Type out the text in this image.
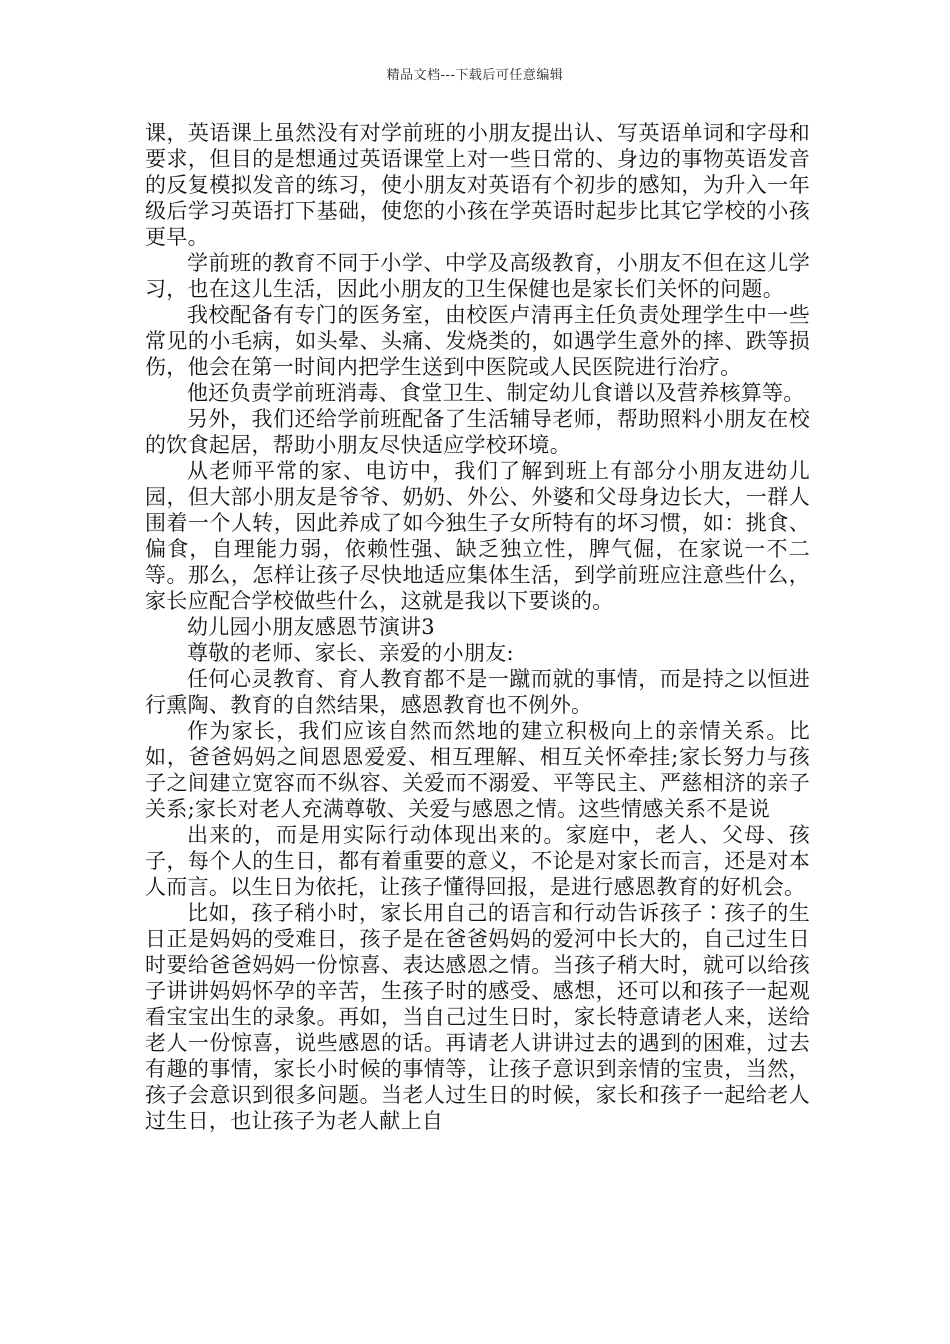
精品文档---下载后可任意编辑

课，英语课上虽然没有对学前班的小朋友提出认、写英语单词和字母和要求，但目的是想通过英语课堂上对一些日常的、身边的事物英语发音的反复模拟发音的练习，使小朋友对英语有个初步的感知，为升入一年级后学习英语打下基础，使您的小孩在学英语时起步比其它学校的小孩更早。

学前班的教育不同于小学、中学及高级教育，小朋友不但在这儿学习，也在这儿生活，因此小朋友的卫生保健也是家长们关怀的问题。

我校配备有专门的医务室，由校医卢清再主任负责处理学生中一些常见的小毛病，如头晕、头痛、发烧类的，如遇学生意外的摔、跌等损伤，他会在第一时间内把学生送到中医院或人民医院进行治疗。

他还负责学前班消毒、食堂卫生、制定幼儿食谱以及营养核算等。

另外，我们还给学前班配备了生活辅导老师，帮助照料小朋友在校的饮食起居，帮助小朋友尽快适应学校环境。

从老师平常的家、电访中，我们了解到班上有部分小朋友进幼儿园，但大部小朋友是爷爷、奶奶、外公、外婆和父母身边长大，一群人围着一个人转，因此养成了如今独生子女所特有的坏习惯，如：挑食、偏食，自理能力弱，依赖性强、缺乏独立性，脾气倔，在家说一不二等。那么，怎样让孩子尽快地适应集体生活，到学前班应注意些什么，家长应配合学校做些什么，这就是我以下要谈的。

幼儿园小朋友感恩节演讲3

尊敬的老师、家长、亲爱的小朋友:

任何心灵教育、育人教育都不是一蹴而就的事情，而是持之以恒进行熏陶、教育的自然结果，感恩教育也不例外。

作为家长，我们应该自然而然地的建立积极向上的亲情关系。比如，爸爸妈妈之间恩恩爱爱、相互理解、相互关怀牵挂;家长努力与孩子之间建立宽容而不纵容、关爱而不溺爱、平等民主、严慈相济的亲子关系;家长对老人充满尊敬、关爱与感恩之情。这些情感关系不是说

出来的，而是用实际行动体现出来的。家庭中，老人、父母、孩子，每个人的生日，都有着重要的意义，不论是对家长而言，还是对本人而言。以生日为依托，让孩子懂得回报，是进行感恩教育的好机会。

比如，孩子稍小时，家长用自己的语言和行动告诉孩子∶孩子的生日正是妈妈的受难日，孩子是在爸爸妈妈的爱河中长大的，自己过生日时要给爸爸妈妈一份惊喜、表达感恩之情。当孩子稍大时，就可以给孩子讲讲妈妈怀孕的辛苦，生孩子时的感受、感想，还可以和孩子一起观看宝宝出生的录象。再如，当自己过生日时，家长特意请老人来，送给老人一份惊喜，说些感恩的话。再请老人讲讲过去的遇到的困难，过去有趣的事情，家长小时候的事情等，让孩子意识到亲情的宝贵，当然，孩子会意识到很多问题。当老人过生日的时候，家长和孩子一起给老人过生日，也让孩子为老人献上自
